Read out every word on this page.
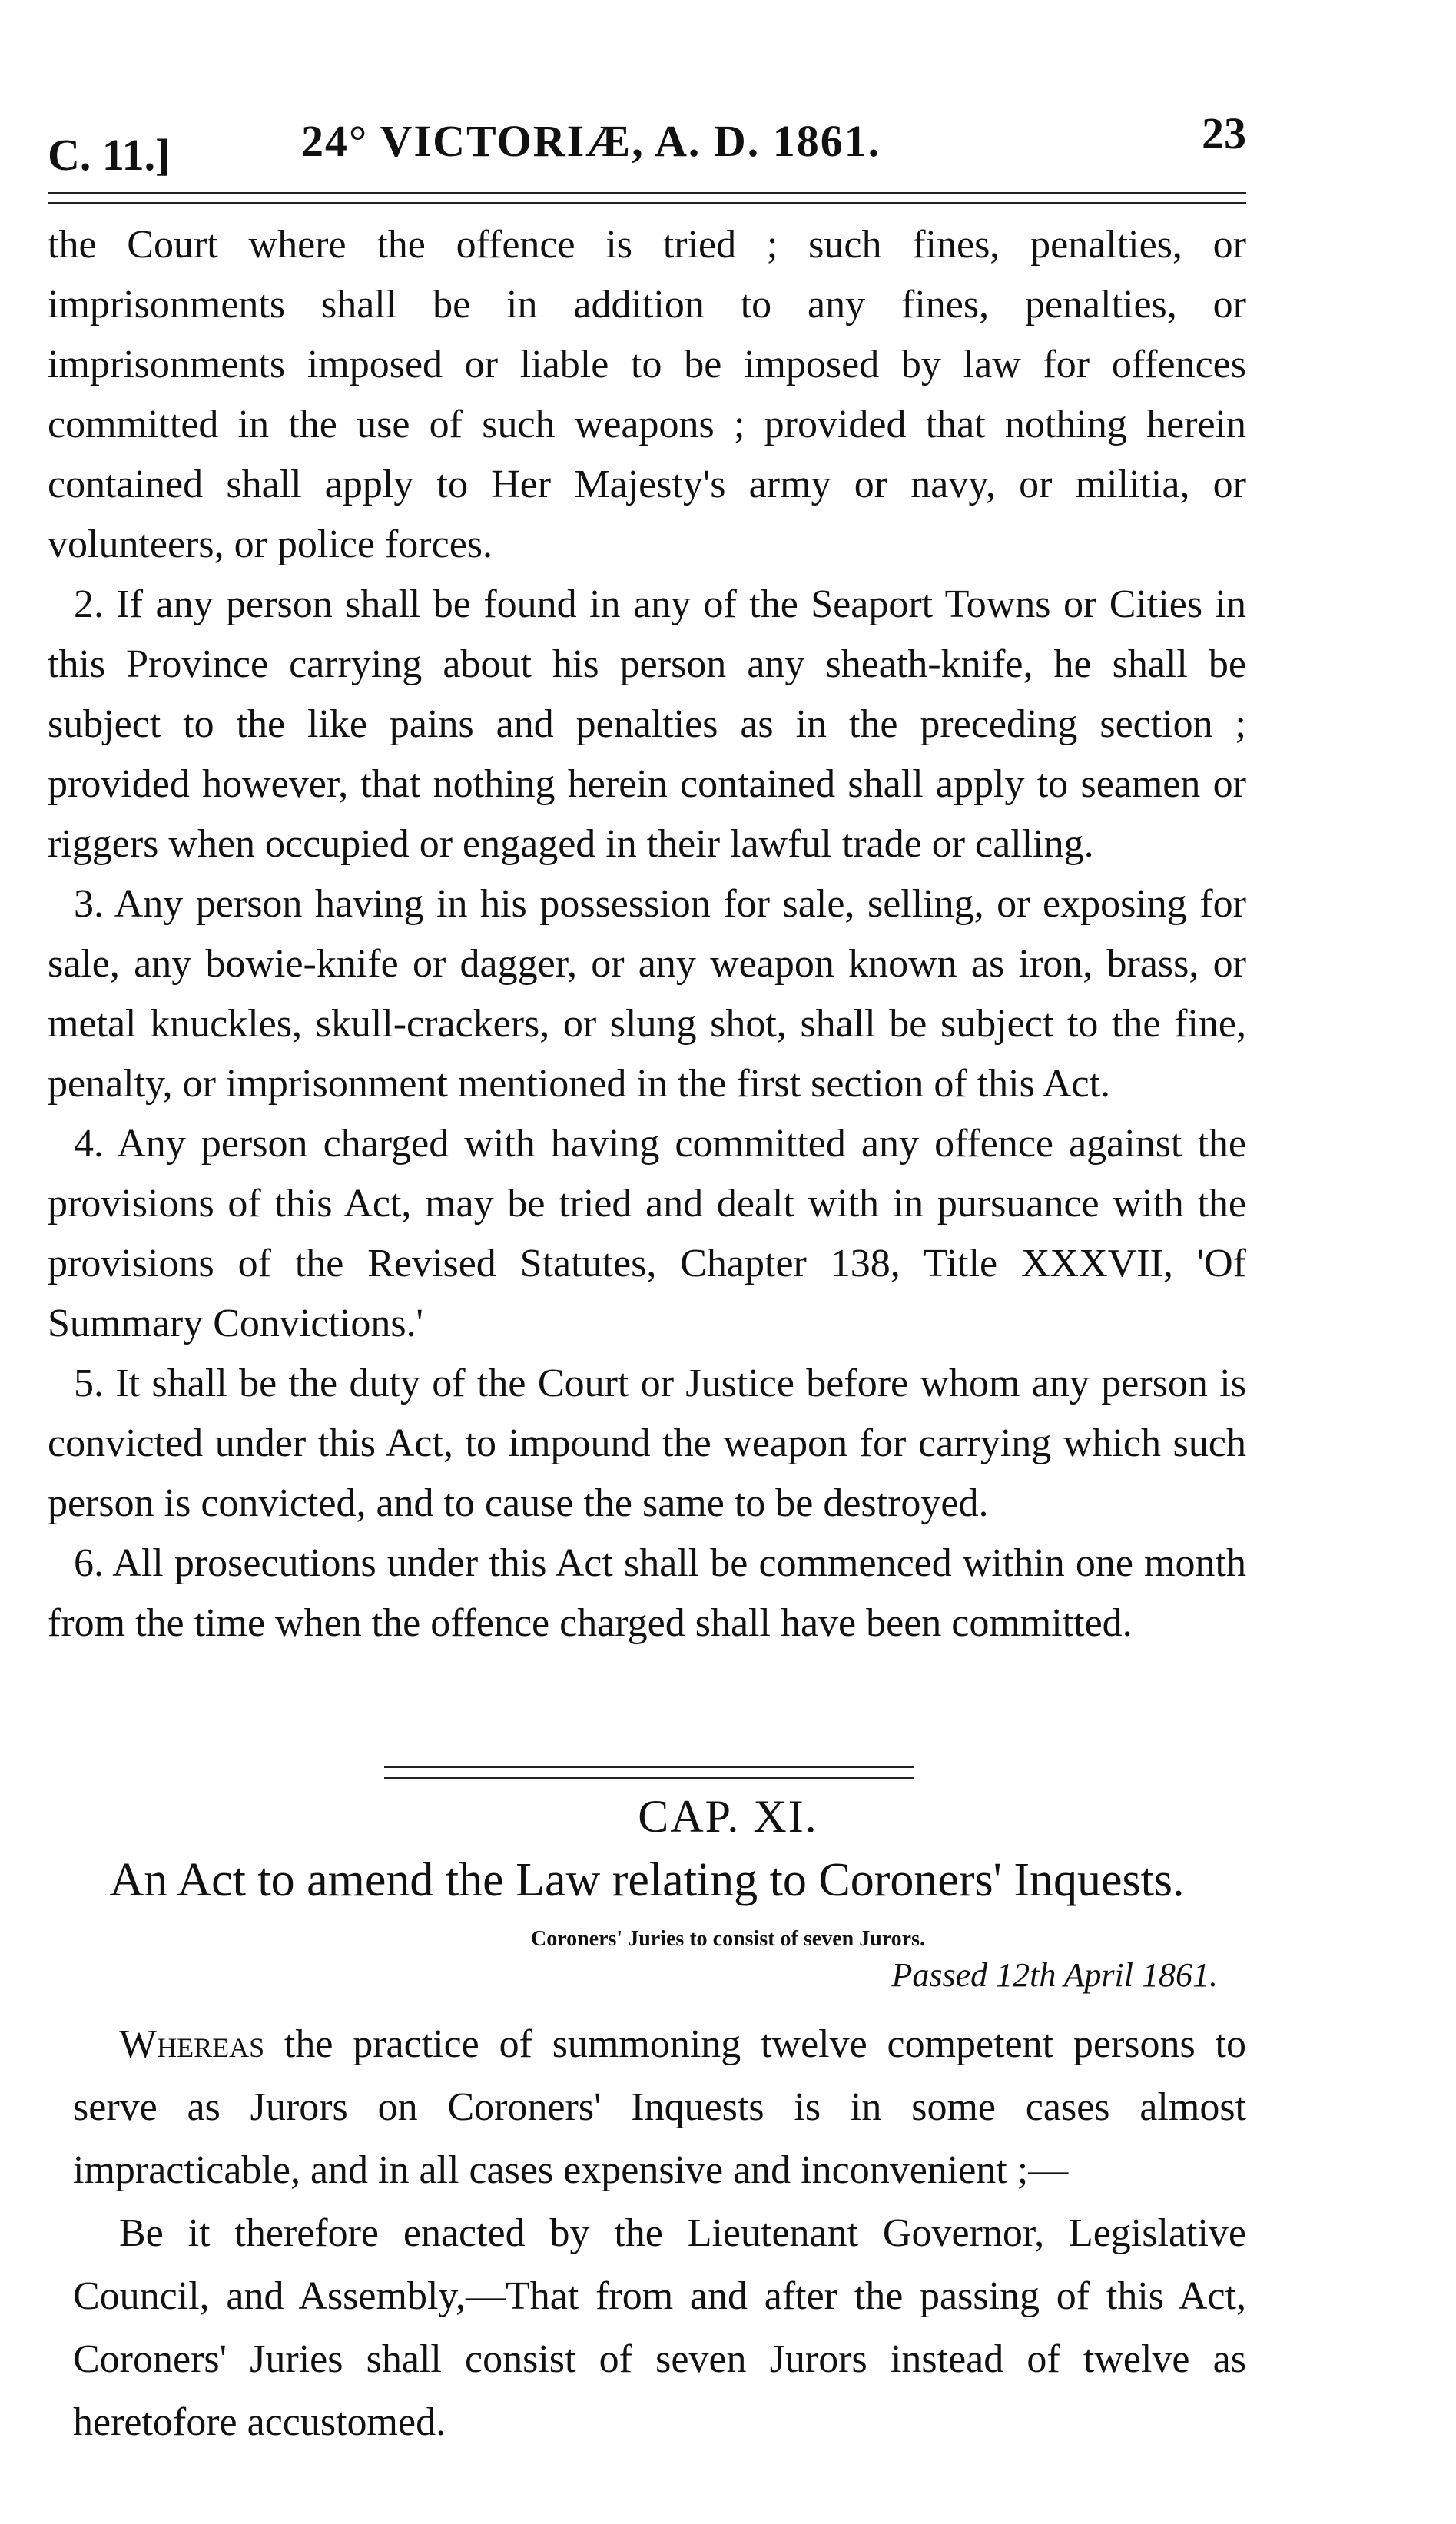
C. 11.]	24° VICTORIÆ, A. D. 1861.	23

the Court where the offence is tried ; such fines, penalties, or imprisonments shall be in addition to any fines, penalties, or imprisonments imposed or liable to be imposed by law for offences committed in the use of such weapons ; provided that nothing herein contained shall apply to Her Majesty's army or navy, or militia, or volunteers, or police forces.

2. If any person shall be found in any of the Seaport Towns or Cities in this Province carrying about his person any sheath-knife, he shall be subject to the like pains and penalties as in the preceding section ; provided however, that nothing herein contained shall apply to seamen or riggers when occupied or engaged in their lawful trade or calling.

3. Any person having in his possession for sale, selling, or exposing for sale, any bowie-knife or dagger, or any weapon known as iron, brass, or metal knuckles, skull-crackers, or slung shot, shall be subject to the fine, penalty, or imprisonment mentioned in the first section of this Act.

4. Any person charged with having committed any offence against the provisions of this Act, may be tried and dealt with in pursuance with the provisions of the Revised Statutes, Chapter 138, Title XXXVII, 'Of Summary Convictions.'

5. It shall be the duty of the Court or Justice before whom any person is convicted under this Act, to impound the weapon for carrying which such person is convicted, and to cause the same to be destroyed.

6. All prosecutions under this Act shall be commenced within one month from the time when the offence charged shall have been committed.

CAP. XI.
An Act to amend the Law relating to Coroners' Inquests.
Coroners' Juries to consist of seven Jurors.
Passed 12th April 1861.

Whereas the practice of summoning twelve competent persons to serve as Jurors on Coroners' Inquests is in some cases almost impracticable, and in all cases expensive and inconvenient ;—

Be it therefore enacted by the Lieutenant Governor, Legislative Council, and Assembly,—That from and after the passing of this Act, Coroners' Juries shall consist of seven Jurors instead of twelve as heretofore accustomed.
